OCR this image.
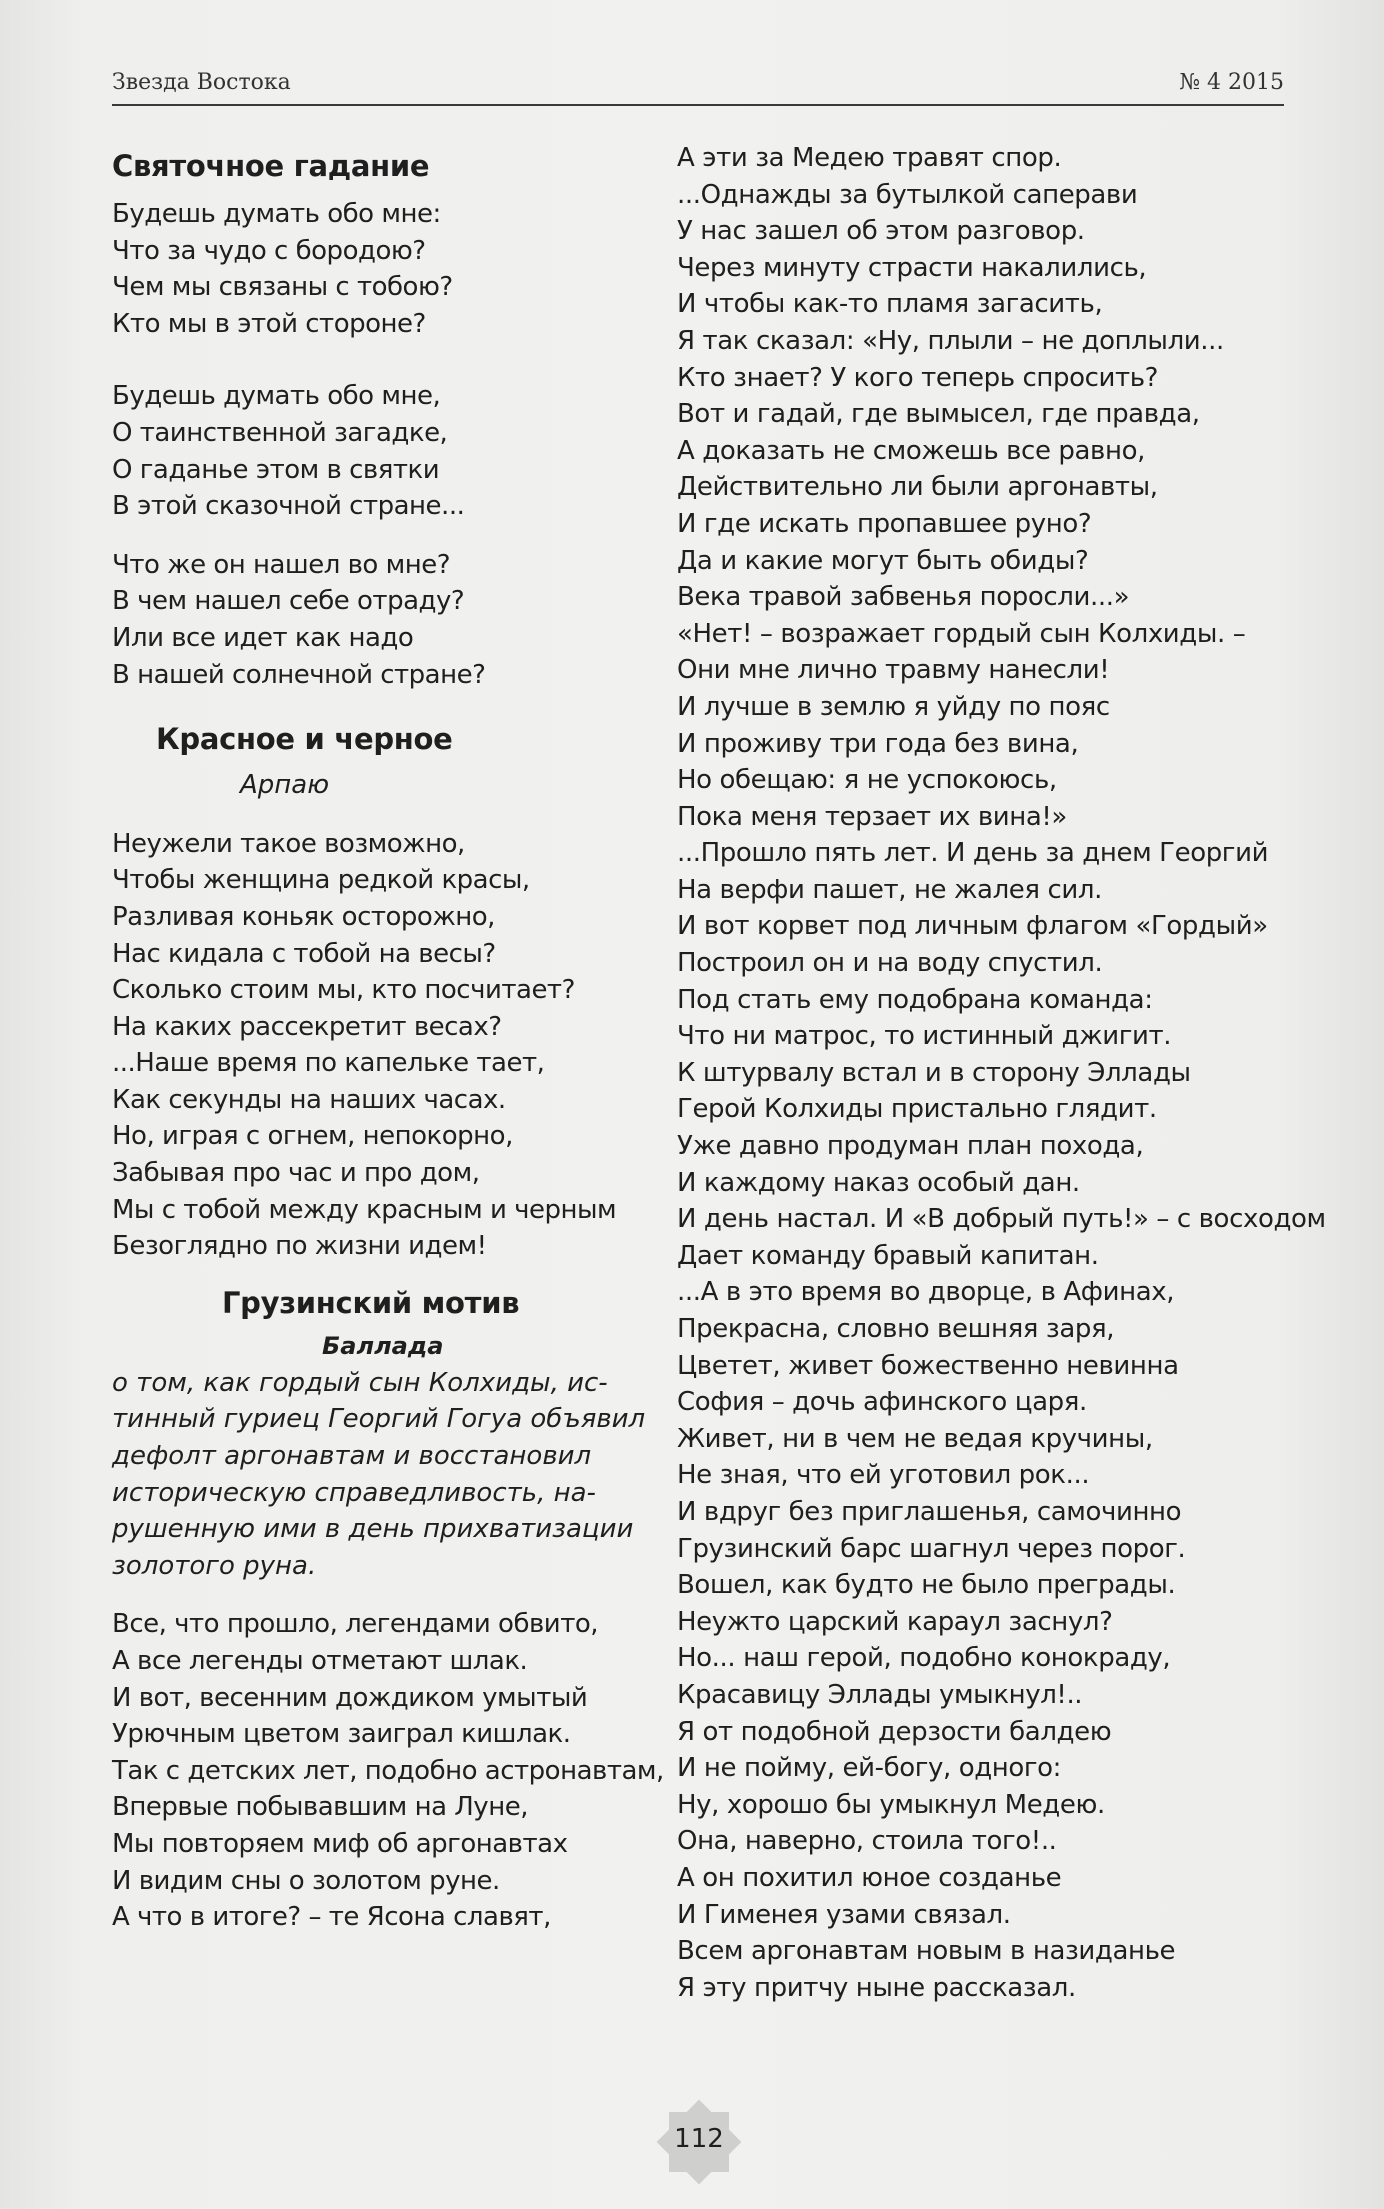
Звезда Востока	№ 4 2015
Святочное гадание
Будешь думать обо мне:
Что за чудо с бородою?
Чем мы связаны с тобою?
Кто мы в этой стороне?
Будешь думать обо мне,
О таинственной загадке,
О гаданье этом в святки
В этой сказочной стране...
Что же он нашел во мне?
В чем нашел себе отраду?
Или все идет как надо
В нашей солнечной стране?
Красное и черное
Арпаю
Неужели такое возможно,
Чтобы женщина редкой красы,
Разливая коньяк осторожно,
Нас кидала с тобой на весы?
Сколько стоим мы, кто посчитает?
На каких рассекретит весах?
...Наше время по капельке тает,
Как секунды на наших часах.
Но, играя с огнем, непокорно,
Забывая про час и про дом,
Мы с тобой между красным и черным
Безоглядно по жизни идем!
Грузинский мотив
Баллада
о том, как гордый сын Колхиды, ис-
тинный гуриец Георгий Гогуа объявил
дефолт аргонавтам и восстановил
историческую справедливость, на-
рушенную ими в день прихватизации
золотого руна.
Все, что прошло, легендами обвито,
А все легенды отметают шлак.
И вот, весенним дождиком умытый
Урючным цветом заиграл кишлак.
Так с детских лет, подобно астронавтам,
Впервые побывавшим на Луне,
Мы повторяем миф об аргонавтах
И видим сны о золотом руне.
А что в итоге? – те Ясона славят,
А эти за Медею травят спор.
...Однажды за бутылкой саперави
У нас зашел об этом разговор.
Через минуту страсти накалились,
И чтобы как-то пламя загасить,
Я так сказал: «Ну, плыли – не доплыли...
Кто знает? У кого теперь спросить?
Вот и гадай, где вымысел, где правда,
А доказать не сможешь все равно,
Действительно ли были аргонавты,
И где искать пропавшее руно?
Да и какие могут быть обиды?
Века травой забвенья поросли...»
«Нет! – возражает гордый сын Колхиды. –
Они мне лично травму нанесли!
И лучше в землю я уйду по пояс
И проживу три года без вина,
Но обещаю: я не успокоюсь,
Пока меня терзает их вина!»
...Прошло пять лет. И день за днем Георгий
На верфи пашет, не жалея сил.
И вот корвет под личным флагом «Гордый»
Построил он и на воду спустил.
Под стать ему подобрана команда:
Что ни матрос, то истинный джигит.
К штурвалу встал и в сторону Эллады
Герой Колхиды пристально глядит.
Уже давно продуман план похода,
И каждому наказ особый дан.
И день настал. И «В добрый путь!» – с восходом
Дает команду бравый капитан.
...А в это время во дворце, в Афинах,
Прекрасна, словно вешняя заря,
Цветет, живет божественно невинна
София – дочь афинского царя.
Живет, ни в чем не ведая кручины,
Не зная, что ей уготовил рок...
И вдруг без приглашенья, самочинно
Грузинский барс шагнул через порог.
Вошел, как будто не было преграды.
Неужто царский караул заснул?
Но... наш герой, подобно конокраду,
Красавицу Эллады умыкнул!..
Я от подобной дерзости балдею
И не пойму, ей-богу, одного:
Ну, хорошо бы умыкнул Медею.
Она, наверно, стоила того!..
А он похитил юное созданье
И Гименея узами связал.
Всем аргонавтам новым в назиданье
Я эту притчу ныне рассказал.
112
